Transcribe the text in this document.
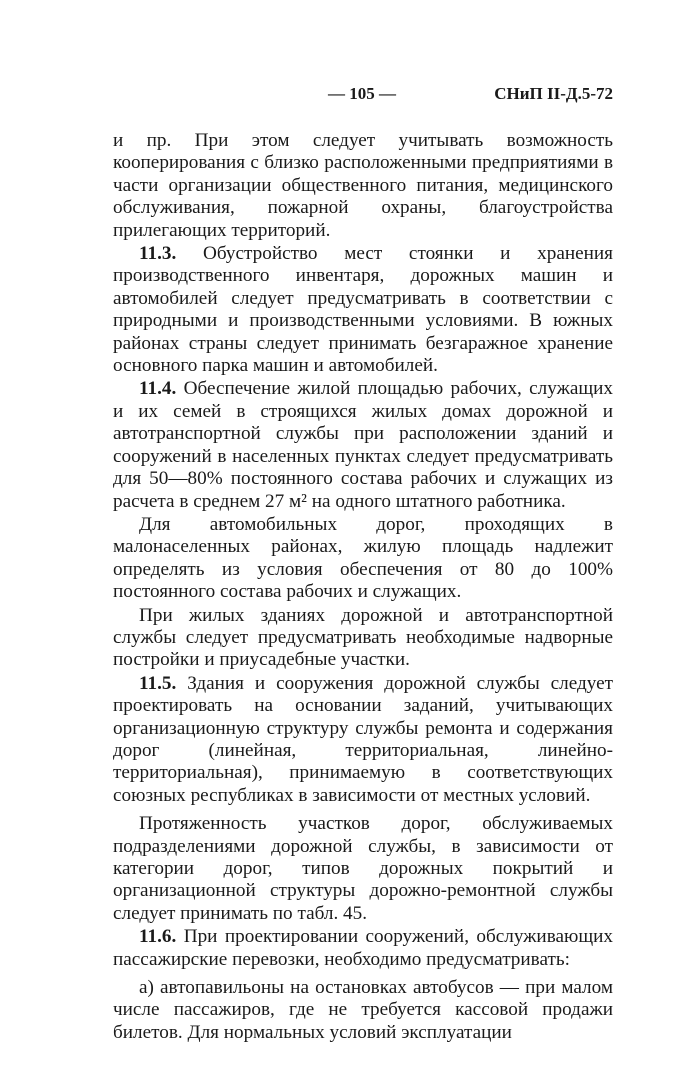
— 105 —	СНиП II-Д.5-72

и пр. При этом следует учитывать возможность кооперирования с близко расположенными предприятиями в части организации общественного питания, медицинского обслуживания, пожарной охраны, благоустройства прилегающих территорий.

11.3. Обустройство мест стоянки и хранения производственного инвентаря, дорожных машин и автомобилей следует предусматривать в соответствии с природными и производственными условиями. В южных районах страны следует принимать безгаражное хранение основного парка машин и автомобилей.

11.4. Обеспечение жилой площадью рабочих, служащих и их семей в строящихся жилых домах дорожной и автотранспортной службы при расположении зданий и сооружений в населенных пунктах следует предусматривать для 50—80% постоянного состава рабочих и служащих из расчета в среднем 27 м² на одного штатного работника.

Для автомобильных дорог, проходящих в малонаселенных районах, жилую площадь надлежит определять из условия обеспечения от 80 до 100% постоянного состава рабочих и служащих.

При жилых зданиях дорожной и автотранспортной службы следует предусматривать необходимые надворные постройки и приусадебные участки.

11.5. Здания и сооружения дорожной службы следует проектировать на основании заданий, учитывающих организационную структуру службы ремонта и содержания дорог (линейная, территориальная, линейно-территориальная), принимаемую в соответствующих союзных республиках в зависимости от местных условий.

Протяженность участков дорог, обслуживаемых подразделениями дорожной службы, в зависимости от категории дорог, типов дорожных покрытий и организационной структуры дорожно-ремонтной службы следует принимать по табл. 45.

11.6. При проектировании сооружений, обслуживающих пассажирские перевозки, необходимо предусматривать:

а) автопавильоны на остановках автобусов — при малом числе пассажиров, где не требуется кассовой продажи билетов. Для нормальных условий эксплуатации
